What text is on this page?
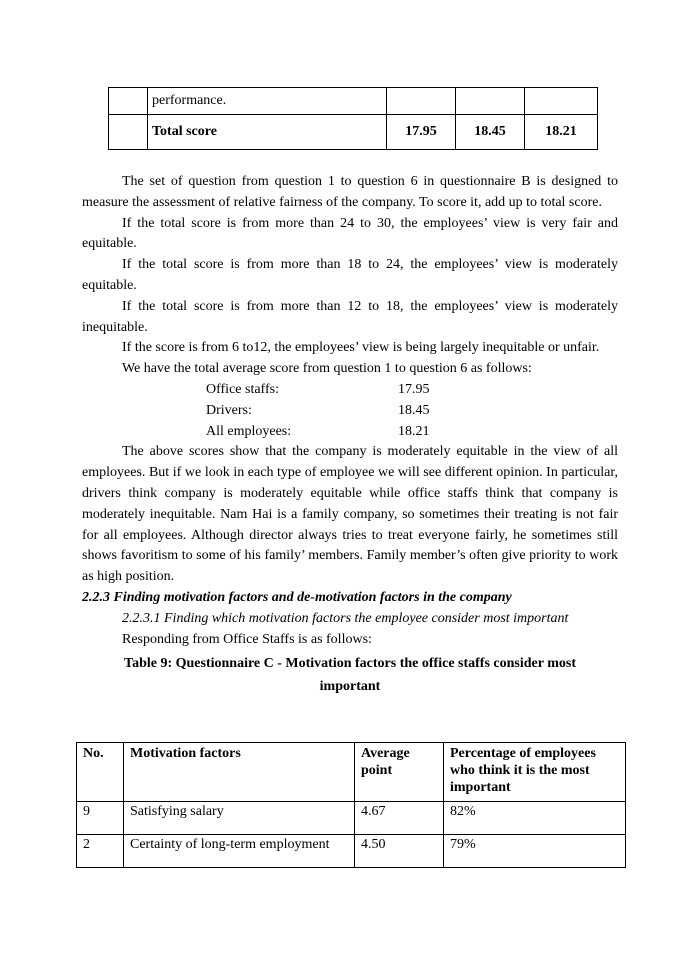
	performance.			
	Total score	17.95	18.45	18.21

The set of question from question 1 to question 6 in questionnaire B is designed to measure the assessment of relative fairness of the company. To score it, add up to total score.

If the total score is from more than 24 to 30, the employees’ view is very fair and equitable.

If the total score is from more than 18 to 24, the employees’ view is moderately equitable.

If the total score is from more than 12 to 18, the employees’ view is moderately inequitable.

If the score is from 6 to12, the employees’ view is being largely inequitable or unfair.

We have the total average score from question 1 to question 6 as follows:

Office staffs:	17.95
Drivers:	18.45
All employees:	18.21

The above scores show that the company is moderately equitable in the view of all employees. But if we look in each type of employee we will see different opinion. In particular, drivers think company is moderately equitable while office staffs think that company is moderately inequitable. Nam Hai is a family company, so sometimes their treating is not fair for all employees. Although director always tries to treat everyone fairly, he sometimes still shows favoritism to some of his family’ members. Family member’s often give priority to work as high position.

2.2.3 Finding motivation factors and de-motivation factors in the company

2.2.3.1 Finding which motivation factors the employee consider most important

Responding from Office Staffs is as follows:

Table 9: Questionnaire C - Motivation factors the office staffs consider most
important
No.	Motivation factors	Average point	Percentage of employees who think it is the most important
9	Satisfying salary	4.67	82%
2	Certainty of long-term employment	4.50	79%
